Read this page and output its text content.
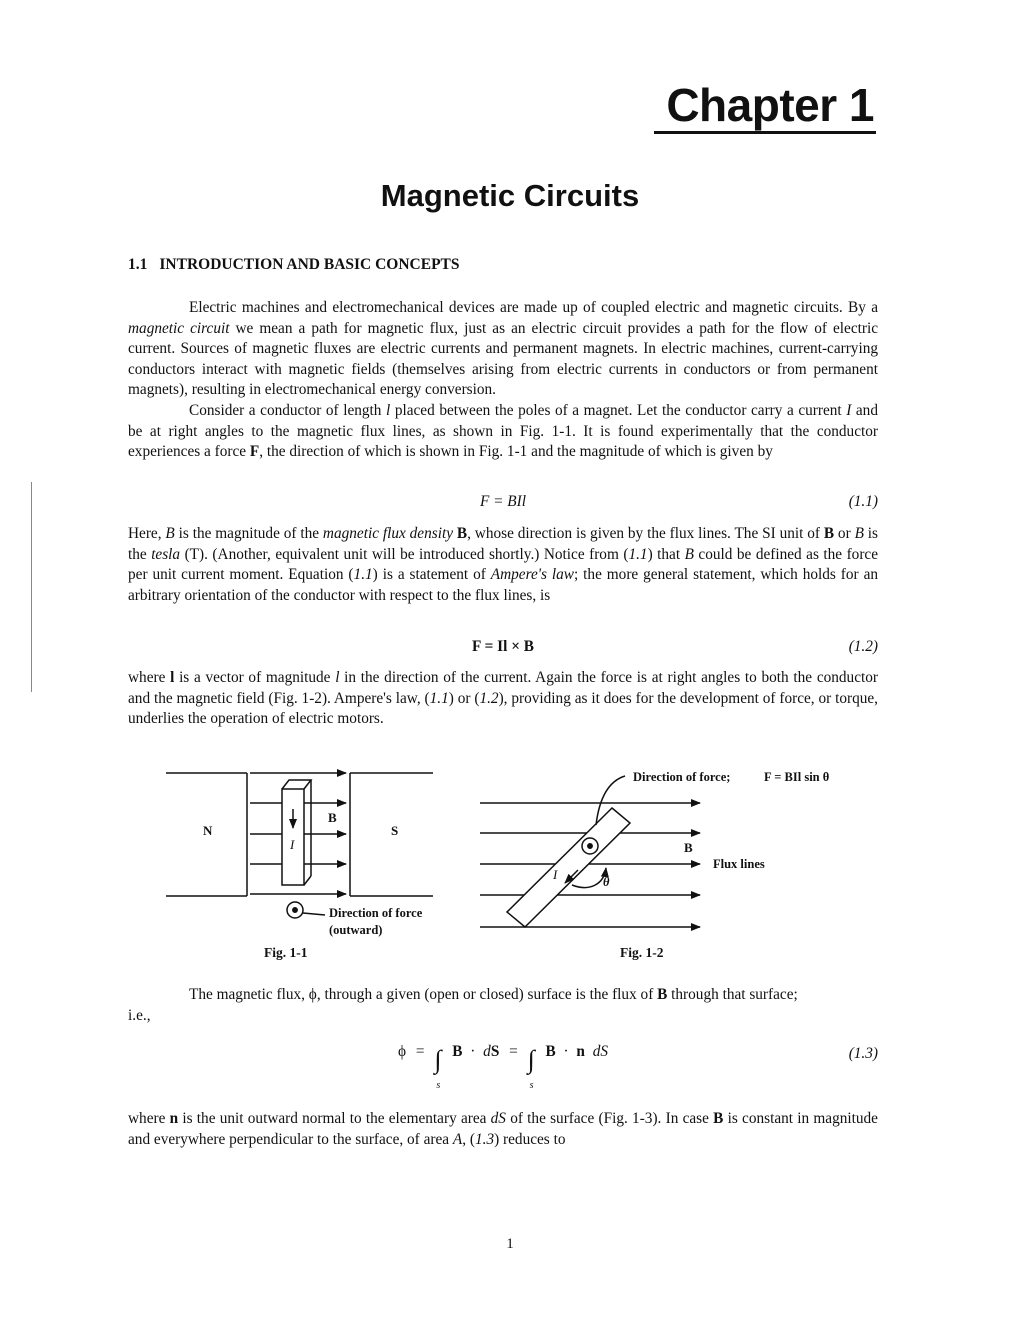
Chapter 1
Magnetic Circuits
1.1 INTRODUCTION AND BASIC CONCEPTS
Electric machines and electromechanical devices are made up of coupled electric and magnetic circuits. By a magnetic circuit we mean a path for magnetic flux, just as an electric circuit provides a path for the flow of electric current. Sources of magnetic fluxes are electric currents and permanent magnets. In electric machines, current-carrying conductors interact with magnetic fields (themselves arising from electric currents in conductors or from permanent magnets), resulting in electromechanical energy conversion.
Consider a conductor of length l placed between the poles of a magnet. Let the conductor carry a current I and be at right angles to the magnetic flux lines, as shown in Fig. 1-1. It is found experimentally that the conductor experiences a force F, the direction of which is shown in Fig. 1-1 and the magnitude of which is given by
F = BIl	(1.1)
Here, B is the magnitude of the magnetic flux density B, whose direction is given by the flux lines. The SI unit of B or B is the tesla (T). (Another, equivalent unit will be introduced shortly.) Notice from (1.1) that B could be defined as the force per unit current moment. Equation (1.1) is a statement of Ampere's law; the more general statement, which holds for an arbitrary orientation of the conductor with respect to the flux lines, is
F = Il × B	(1.2)
where l is a vector of magnitude l in the direction of the current. Again the force is at right angles to both the conductor and the magnetic field (Fig. 1-2). Ampere's law, (1.1) or (1.2), providing as it does for the development of force, or torque, underlies the operation of electric motors.
N	S
B
I
Direction of force
(outward)
Direction of force;	F = BIl sin θ
B
Flux lines
I	θ
Fig. 1-1	Fig. 1-2
The magnetic flux, ϕ, through a given (open or closed) surface is the flux of B through that surface;
i.e.,
ϕ = ∫
s
B · dS = ∫
s
B · n dS	(1.3)
where n is the unit outward normal to the elementary area dS of the surface (Fig. 1-3). In case B is constant in magnitude and everywhere perpendicular to the surface, of area A, (1.3) reduces to
1
